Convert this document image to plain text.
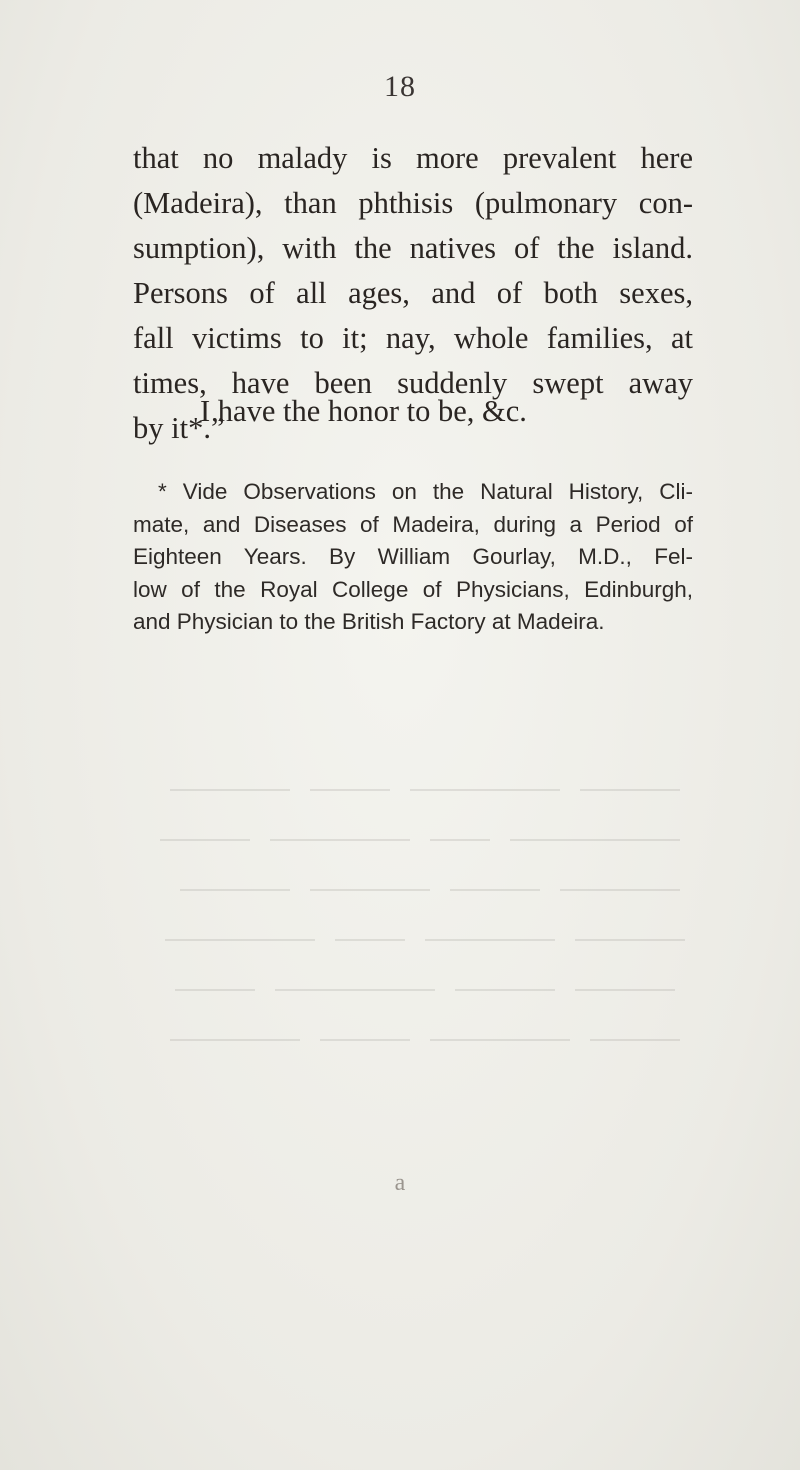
18
that no malady is more prevalent here
(Madeira), than phthisis (pulmonary con-
sumption), with the natives of the island.
Persons of all ages, and of both sexes,
fall victims to it; nay, whole families, at
times, have been suddenly swept away
by it*.”
I have the honor to be, &c.
* Vide Observations on the Natural History, Cli-
mate, and Diseases of Madeira, during a Period of
Eighteen Years. By William Gourlay, M.D., Fel-
low of the Royal College of Physicians, Edinburgh,
and Physician to the British Factory at Madeira.
a
